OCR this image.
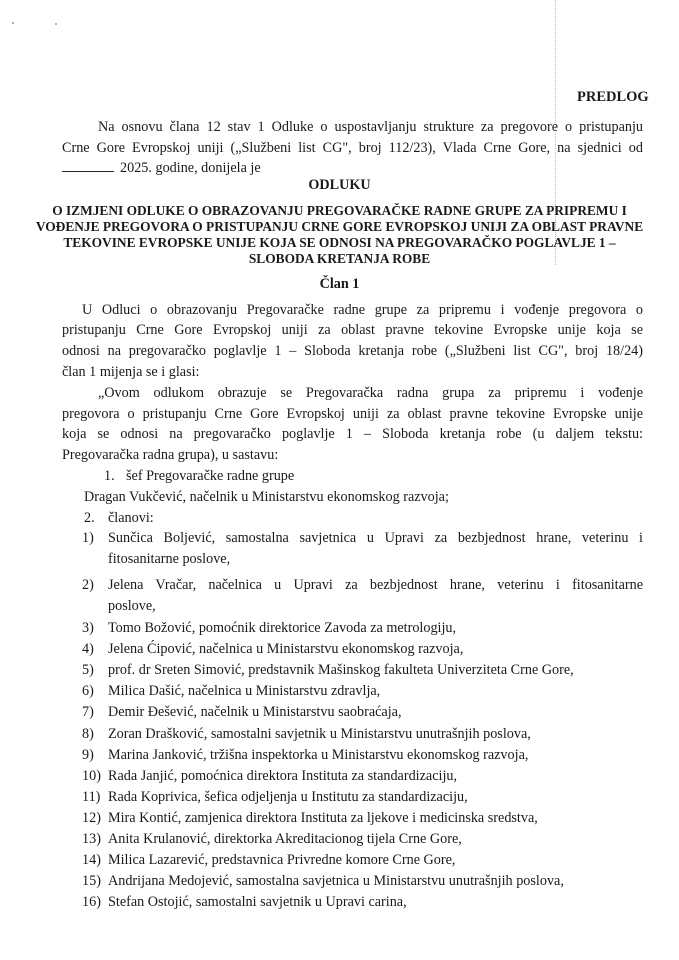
PREDLOG
Na osnovu člana 12 stav 1 Odluke o uspostavljanju strukture za pregovore o pristupanju
Crne Gore Evropskoj uniji („Službeni list CG", broj 112/23), Vlada Crne Gore, na sjednici od
2025. godine, donijela je
ODLUKU
O IZMJENI ODLUKE O OBRAZOVANJU PREGOVARAČKE RADNE GRUPE ZA PRIPREMU I
VOĐENJE PREGOVORA O PRISTUPANJU CRNE GORE EVROPSKOJ UNIJI ZA OBLAST PRAVNE
TEKOVINE EVROPSKE UNIJE KOJA SE ODNOSI NA PREGOVARAČKO POGLAVLJE 1 –
SLOBODA KRETANJA ROBE
Član 1
U Odluci o obrazovanju Pregovaračke radne grupe za pripremu i vođenje pregovora o
pristupanju Crne Gore Evropskoj uniji za oblast pravne tekovine Evropske unije koja se
odnosi na pregovaračko poglavlje 1 – Sloboda kretanja robe („Službeni list CG", broj 18/24)
član 1 mijenja se i glasi:
„Ovom odlukom obrazuje se Pregovaračka radna grupa za pripremu i vođenje
pregovora o pristupanju Crne Gore Evropskoj uniji za oblast pravne tekovine Evropske unije
koja se odnosi na pregovaračko poglavlje 1 – Sloboda kretanja robe (u daljem tekstu:
Pregovaračka radna grupa), u sastavu:
1. šef Pregovaračke radne grupe
Dragan Vukčević, načelnik u Ministarstvu ekonomskog razvoja;
2. članovi:
1) Sunčica Boljević, samostalna savjetnica u Upravi za bezbjednost hrane, veterinu i
fitosanitarne poslove,
2) Jelena Vračar, načelnica u Upravi za bezbjednost hrane, veterinu i fitosanitarne
poslove,
3) Tomo Božović, pomoćnik direktorice Zavoda za metrologiju,
4) Jelena Ćipović, načelnica u Ministarstvu ekonomskog razvoja,
5) prof. dr Sreten Simović, predstavnik Mašinskog fakulteta Univerziteta Crne Gore,
6) Milica Dašić, načelnica u Ministarstvu zdravlja,
7) Demir Đešević, načelnik u Ministarstvu saobraćaja,
8) Zoran Drašković, samostalni savjetnik u Ministarstvu unutrašnjih poslova,
9) Marina Janković, tržišna inspektorka u Ministarstvu ekonomskog razvoja,
10) Rada Janjić, pomoćnica direktora Instituta za standardizaciju,
11) Rada Koprivica, šefica odjeljenja u Institutu za standardizaciju,
12) Mira Kontić, zamjenica direktora Instituta za ljekove i medicinska sredstva,
13) Anita Krulanović, direktorka Akreditacionog tijela Crne Gore,
14) Milica Lazarević, predstavnica Privredne komore Crne Gore,
15) Andrijana Medojević, samostalna savjetnica u Ministarstvu unutrašnjih poslova,
16) Stefan Ostojić, samostalni savjetnik u Upravi carina,
